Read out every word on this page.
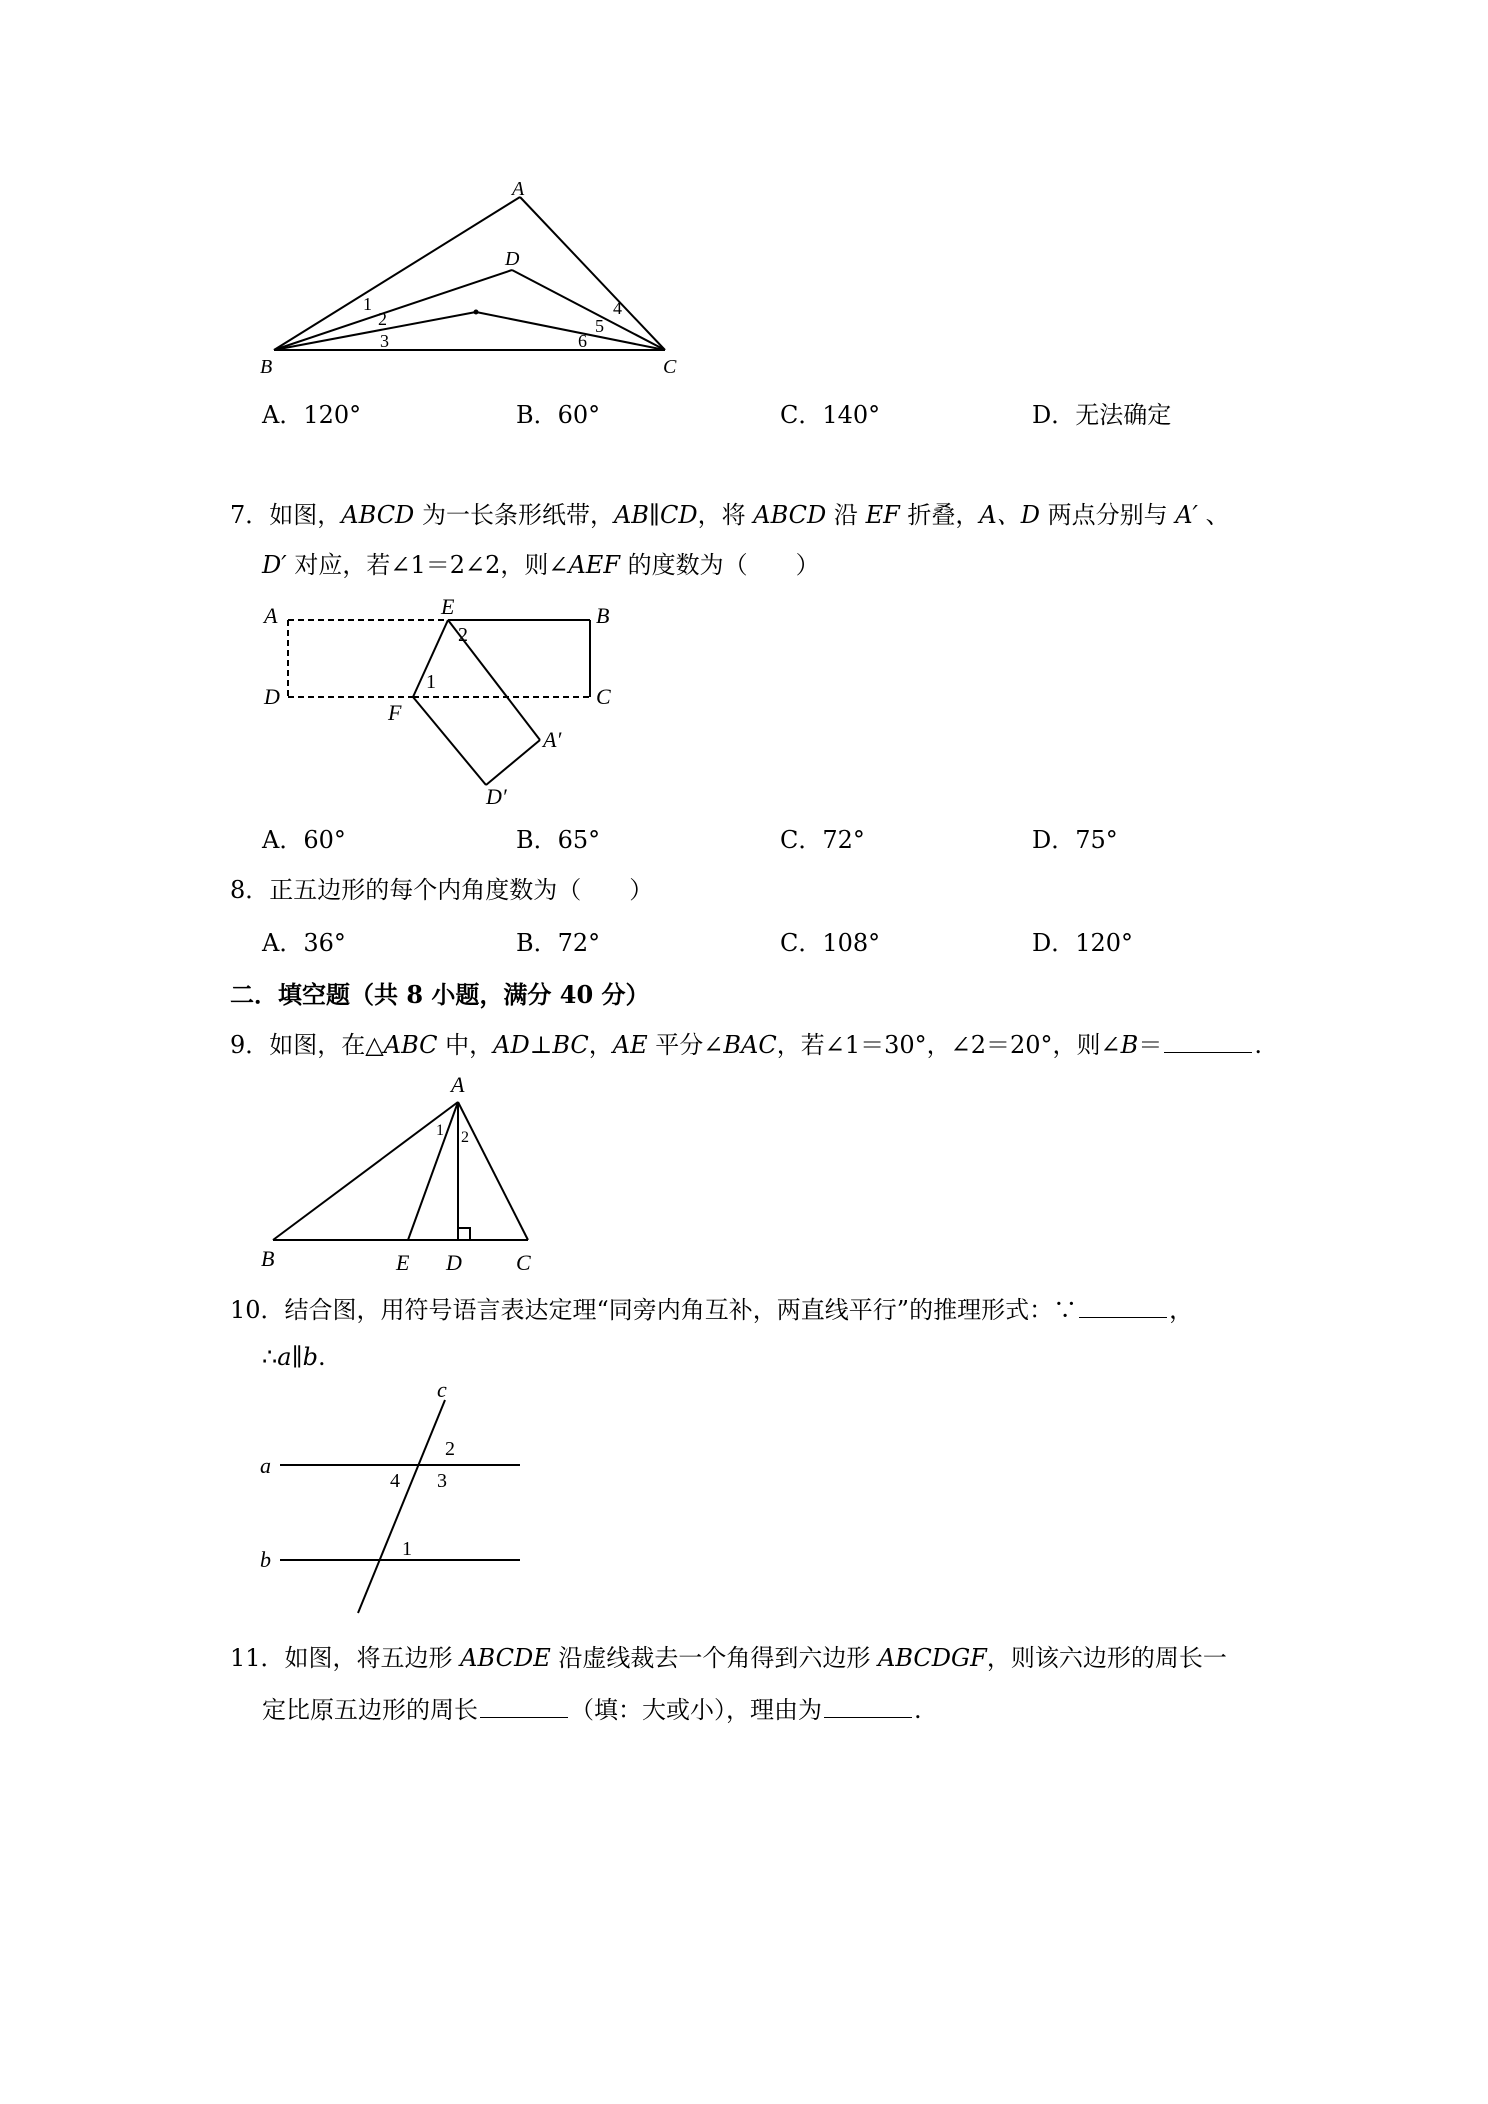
A
D
B	C
1
2
3
4
5
6
A．120°	B．60°	C．140°	D．无法确定
7．如图，ABCD 为一长条形纸带，AB∥CD，将 ABCD 沿 EF 折叠，A、D 两点分别与 A′ 、
D′ 对应，若∠1＝2∠2，则∠AEF 的度数为（　　）
A	B
C
D
E
F
A′
D′
1
2
A．60°	B．65°	C．72°	D．75°
8．正五边形的每个内角度数为（　　）
A．36°	B．72°	C．108°	D．120°
二．填空题（共 8 小题，满分 40 分）
9．如图，在△ABC 中，AD⊥BC，AE 平分∠BAC，若∠1＝30°，∠2＝20°，则∠B＝	.
A
B	E D C
1 2
10．结合图，用符号语言表达定理“同旁内角互补，两直线平行”的推理形式：∵	，
∴a∥b.
a
b
c
1
2
3
4
11．如图，将五边形 ABCDE 沿虚线裁去一个角得到六边形 ABCDGF，则该六边形的周长一
定比原五边形的周长	（填：大或小），理由为	.
